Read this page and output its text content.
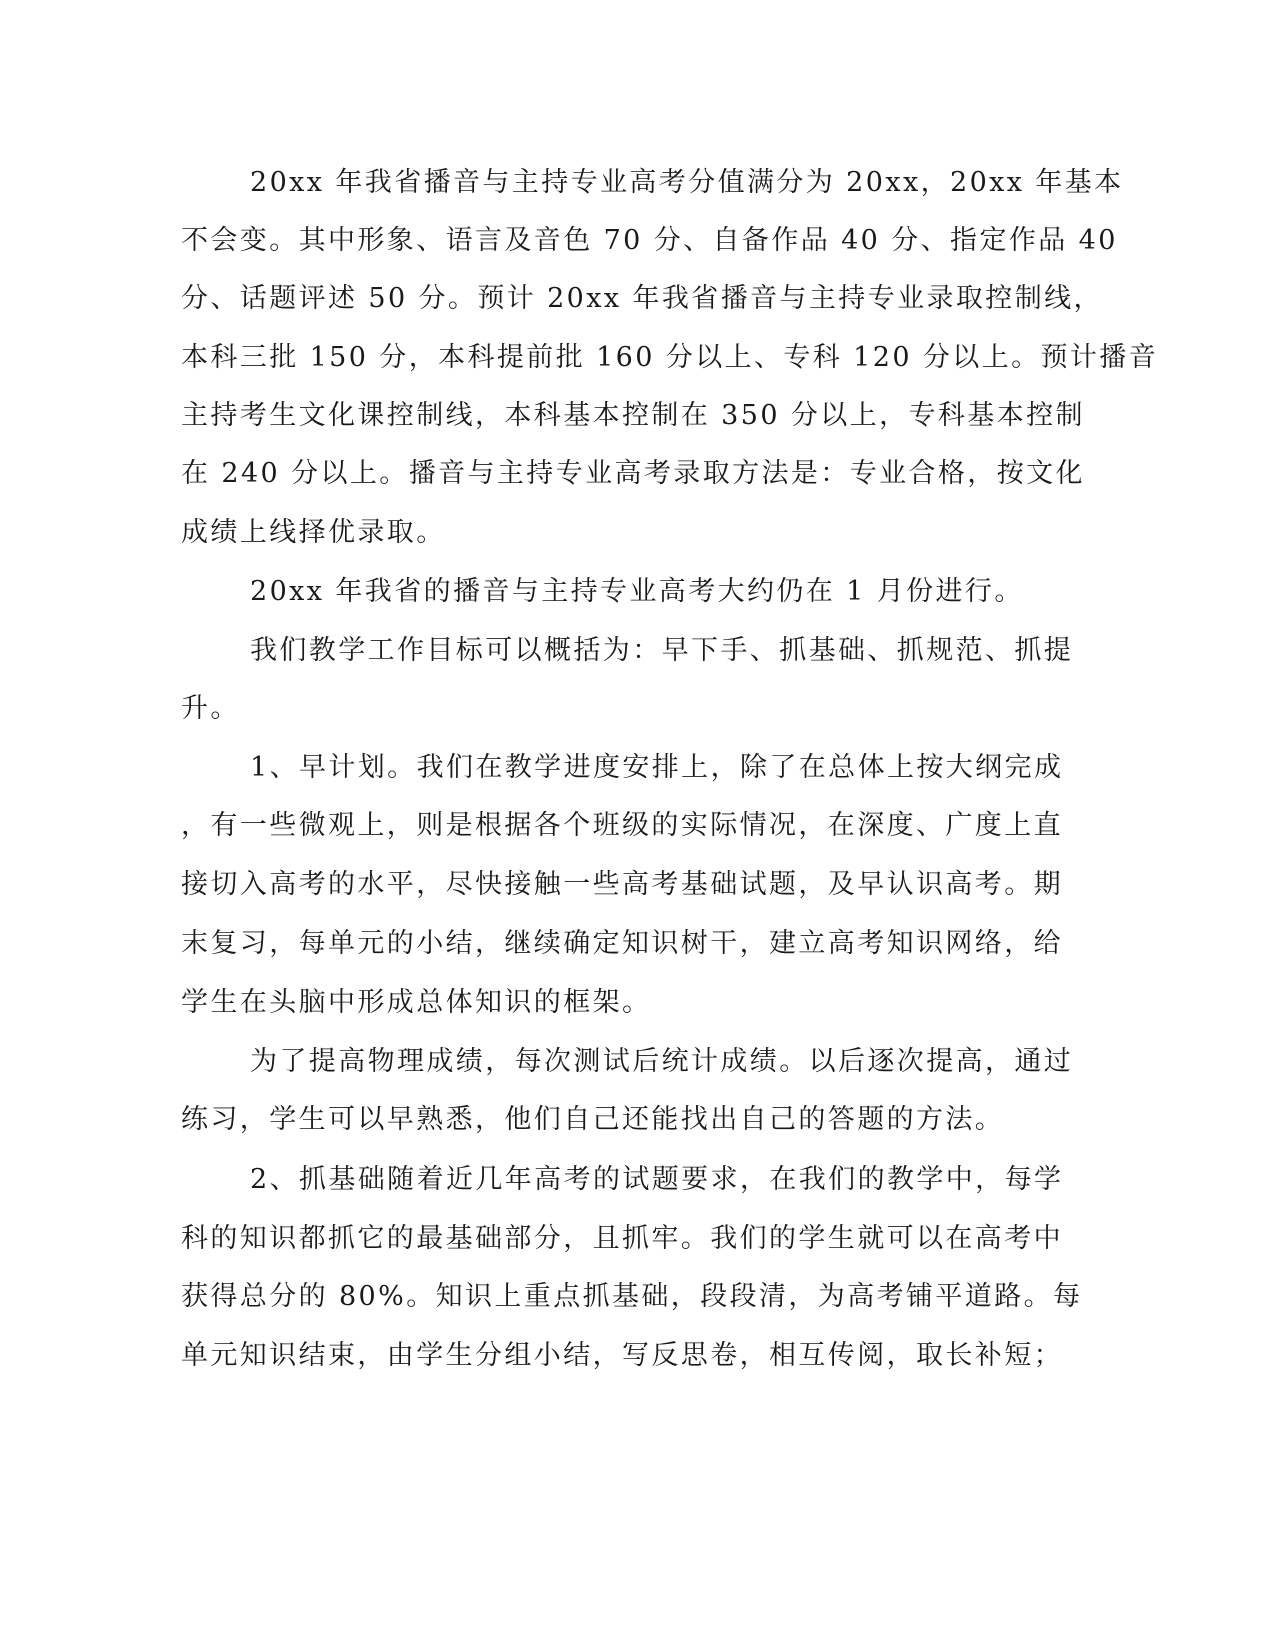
20xx 年我省播音与主持专业高考分值满分为 20xx，20xx 年基本

不会变。其中形象、语言及音色 70 分、自备作品 40 分、指定作品 40

分、话题评述 50 分。预计 20xx 年我省播音与主持专业录取控制线，

本科三批 150 分，本科提前批 160 分以上、专科 120 分以上。预计播音

主持考生文化课控制线，本科基本控制在 350 分以上，专科基本控制

在 240 分以上。播音与主持专业高考录取方法是：专业合格，按文化

成绩上线择优录取。

20xx 年我省的播音与主持专业高考大约仍在 1 月份进行。

我们教学工作目标可以概括为：早下手、抓基础、抓规范、抓提

升。

1、早计划。我们在教学进度安排上，除了在总体上按大纲完成

，有一些微观上，则是根据各个班级的实际情况，在深度、广度上直

接切入高考的水平，尽快接触一些高考基础试题，及早认识高考。期

末复习，每单元的小结，继续确定知识树干，建立高考知识网络，给

学生在头脑中形成总体知识的框架。

为了提高物理成绩，每次测试后统计成绩。以后逐次提高，通过

练习，学生可以早熟悉，他们自己还能找出自己的答题的方法。

2、抓基础随着近几年高考的试题要求，在我们的教学中，每学

科的知识都抓它的最基础部分，且抓牢。我们的学生就可以在高考中

获得总分的 80%。知识上重点抓基础，段段清，为高考铺平道路。每

单元知识结束，由学生分组小结，写反思卷，相互传阅，取长补短；
